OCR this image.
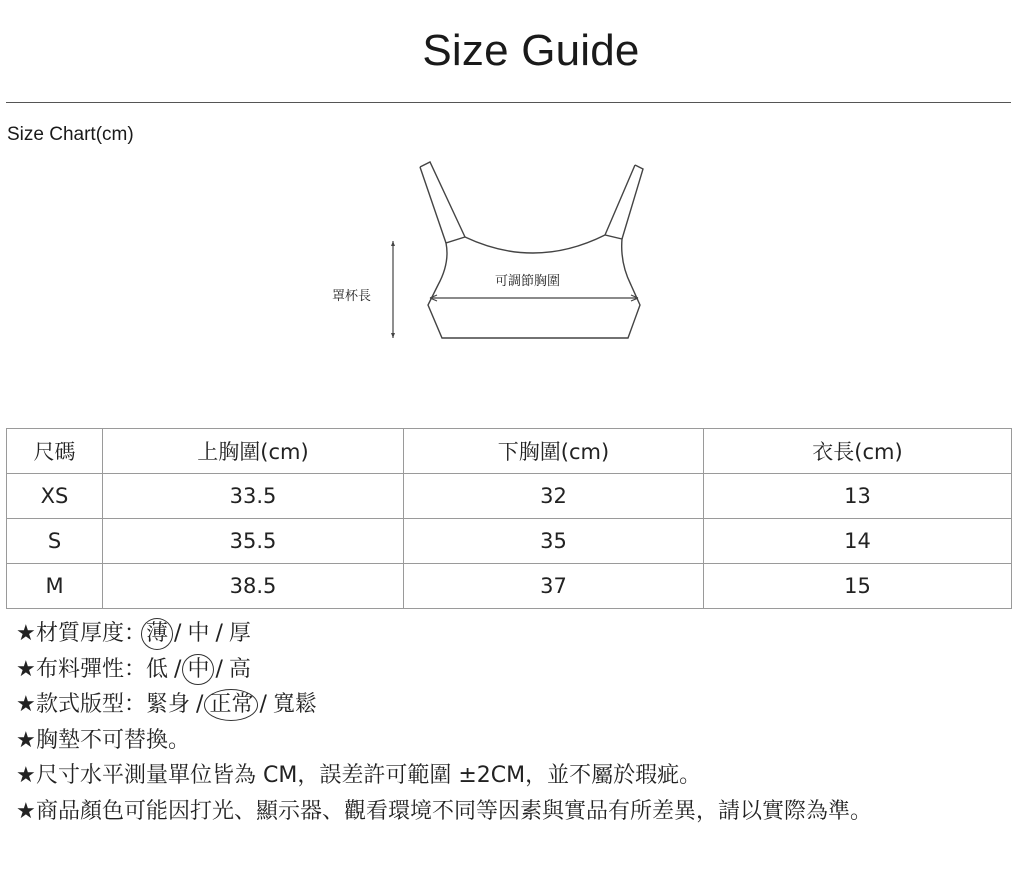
Size Guide
Size Chart(cm)
可調節胸圍
罩杯長
尺碼	上胸圍(cm)	下胸圍(cm)	衣長(cm)
XS	33.5	32	13
S	35.5	35	14
M	38.5	37	15
★材質厚度：薄 / 中 / 厚
★布料彈性：低 / 中 / 高
★款式版型：緊身 / 正常 / 寬鬆
★胸墊不可替換。
★尺寸水平測量單位皆為 CM，誤差許可範圍 ±2CM，並不屬於瑕疵。
★商品顏色可能因打光、顯示器、觀看環境不同等因素與實品有所差異，請以實際為準。
